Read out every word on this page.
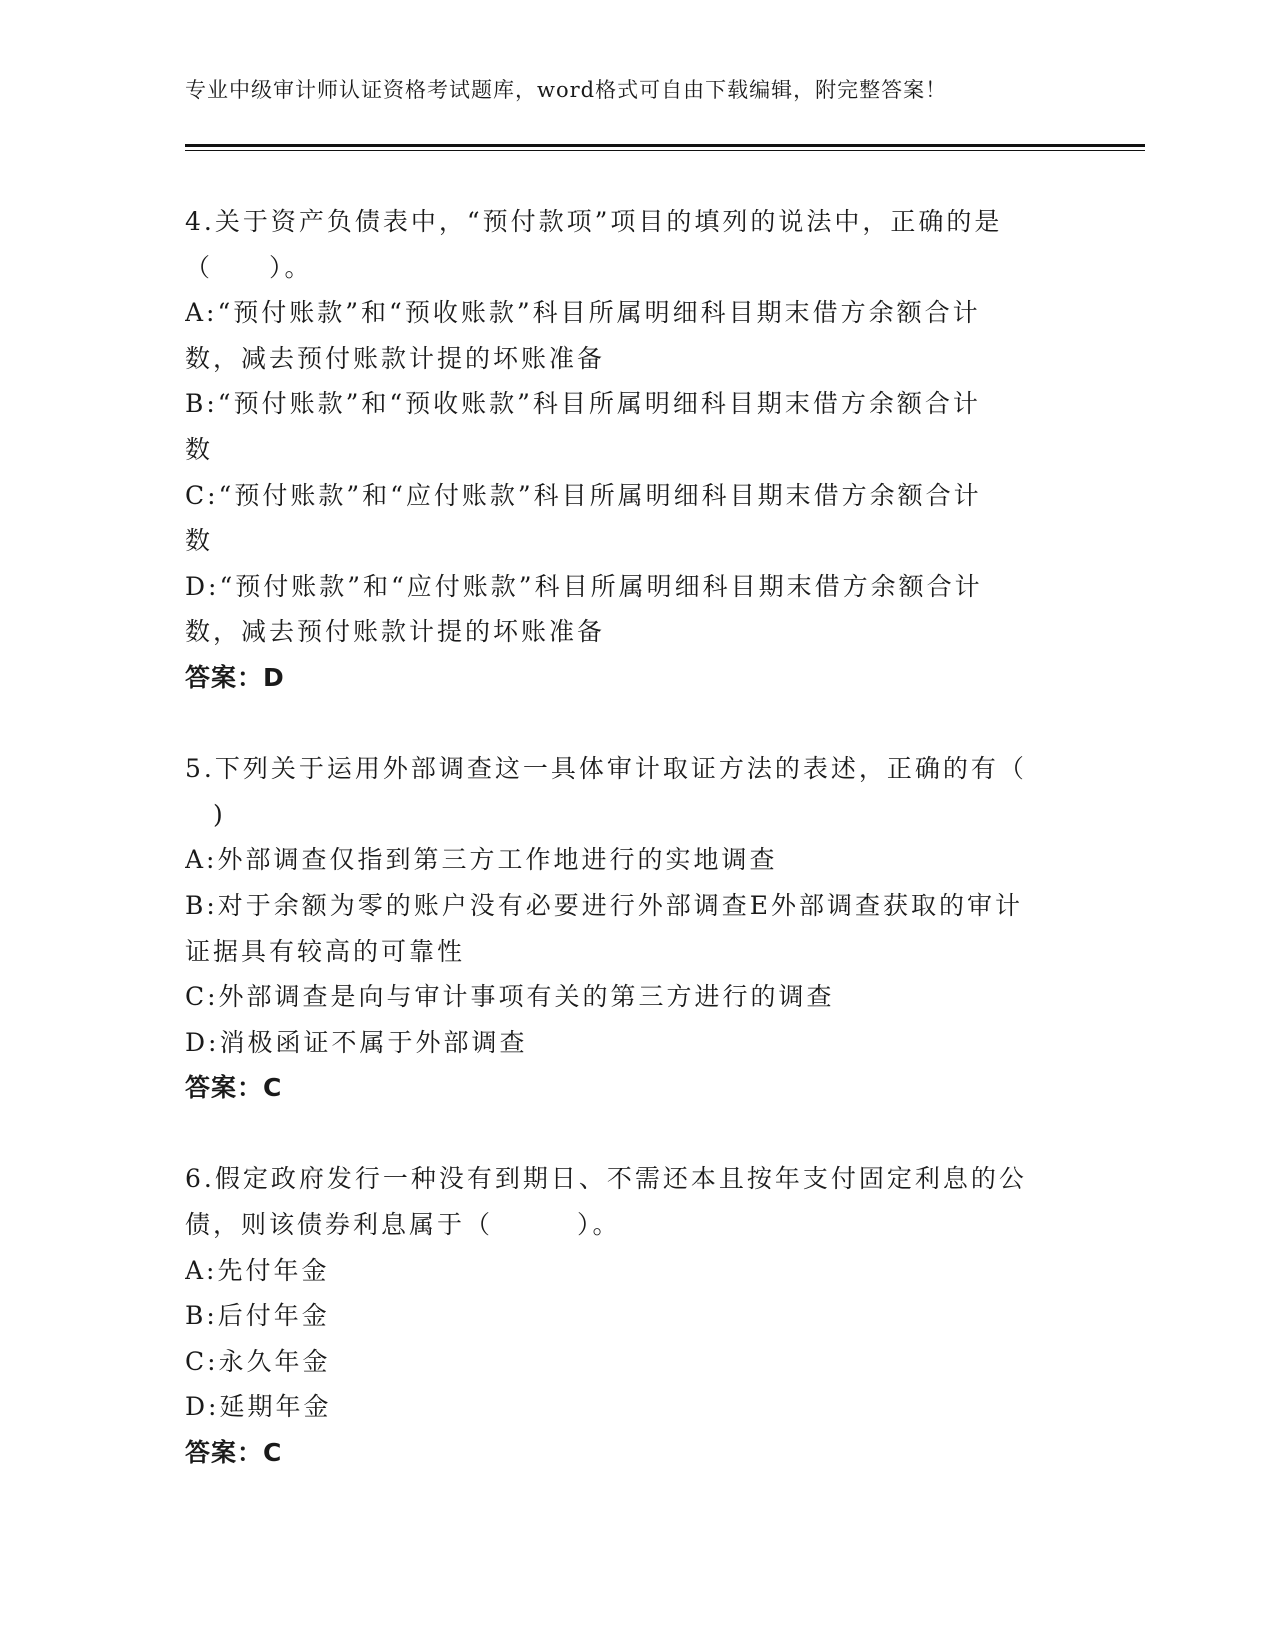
专业中级审计师认证资格考试题库，word格式可自由下载编辑，附完整答案！
4.关于资产负债表中，“预付款项”项目的填列的说法中，正确的是
（　　）。
A:“预付账款”和“预收账款”科目所属明细科目期末借方余额合计
数，减去预付账款计提的坏账准备
B:“预付账款”和“预收账款”科目所属明细科目期末借方余额合计
数
C:“预付账款”和“应付账款”科目所属明细科目期末借方余额合计
数
D:“预付账款”和“应付账款”科目所属明细科目期末借方余额合计
数，减去预付账款计提的坏账准备
答案：D
5.下列关于运用外部调查这一具体审计取证方法的表述，正确的有（
　)
A:外部调查仅指到第三方工作地进行的实地调查
B:对于余额为零的账户没有必要进行外部调查E外部调查获取的审计
证据具有较高的可靠性
C:外部调查是向与审计事项有关的第三方进行的调查
D:消极函证不属于外部调查
答案：C
6.假定政府发行一种没有到期日、不需还本且按年支付固定利息的公
债，则该债券利息属于（　　　）。
A:先付年金
B:后付年金
C:永久年金
D:延期年金
答案：C
